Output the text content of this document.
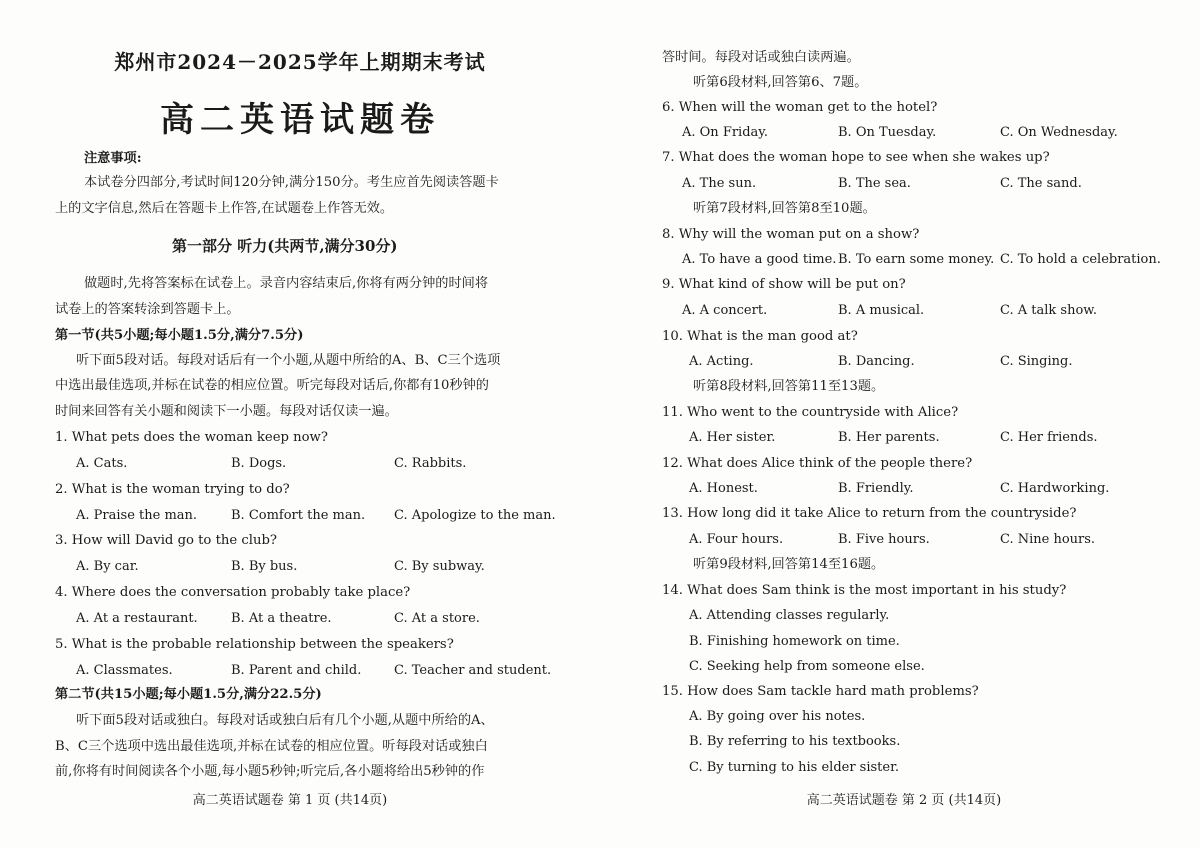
郑州市2024－2025学年上期期末考试
高二英语试题卷
注意事项:
本试卷分四部分,考试时间120分钟,满分150分。考生应首先阅读答题卡
上的文字信息,然后在答题卡上作答,在试题卷上作答无效。
第一部分 听力(共两节,满分30分)
做题时,先将答案标在试卷上。录音内容结束后,你将有两分钟的时间将
试卷上的答案转涂到答题卡上。
第一节(共5小题;每小题1.5分,满分7.5分)
听下面5段对话。每段对话后有一个小题,从题中所给的A、B、C三个选项
中选出最佳选项,并标在试卷的相应位置。听完每段对话后,你都有10秒钟的
时间来回答有关小题和阅读下一小题。每段对话仅读一遍。
1. What pets does the woman keep now?
A. Cats.	B. Dogs.	C. Rabbits.
2. What is the woman trying to do?
A. Praise the man.	B. Comfort the man. C. Apologize to the man.
3. How will David go to the club?
A. By car.	B. By bus.	C. By subway.
4. Where does the conversation probably take place?
A. At a restaurant.	B. At a theatre.	C. At a store.
5. What is the probable relationship between the speakers?
A. Classmates.	B. Parent and child.	C. Teacher and student.
第二节(共15小题;每小题1.5分,满分22.5分)
听下面5段对话或独白。每段对话或独白后有几个小题,从题中所给的A、
B、C三个选项中选出最佳选项,并标在试卷的相应位置。听每段对话或独白
前,你将有时间阅读各个小题,每小题5秒钟;听完后,各小题将给出5秒钟的作
高二英语试题卷 第 1 页 (共14页)
答时间。每段对话或独白读两遍。
听第6段材料,回答第6、7题。
6. When will the woman get to the hotel?
A. On Friday.	B. On Tuesday.	C. On Wednesday.
7. What does the woman hope to see when she wakes up?
A. The sun.	B. The sea.	C. The sand.
听第7段材料,回答第8至10题。
8. Why will the woman put on a show?
A. To have a good time. B. To earn some money. C. To hold a celebration.
9. What kind of show will be put on?
A. A concert.	B. A musical.	C. A talk show.
10. What is the man good at?
A. Acting.	B. Dancing.	C. Singing.
听第8段材料,回答第11至13题。
11. Who went to the countryside with Alice?
A. Her sister.	B. Her parents.	C. Her friends.
12. What does Alice think of the people there?
A. Honest.	B. Friendly.	C. Hardworking.
13. How long did it take Alice to return from the countryside?
A. Four hours.	B. Five hours.	C. Nine hours.
听第9段材料,回答第14至16题。
14. What does Sam think is the most important in his study?
A. Attending classes regularly.
B. Finishing homework on time.
C. Seeking help from someone else.
15. How does Sam tackle hard math problems?
A. By going over his notes.
B. By referring to his textbooks.
C. By turning to his elder sister.
高二英语试题卷 第 2 页 (共14页)
